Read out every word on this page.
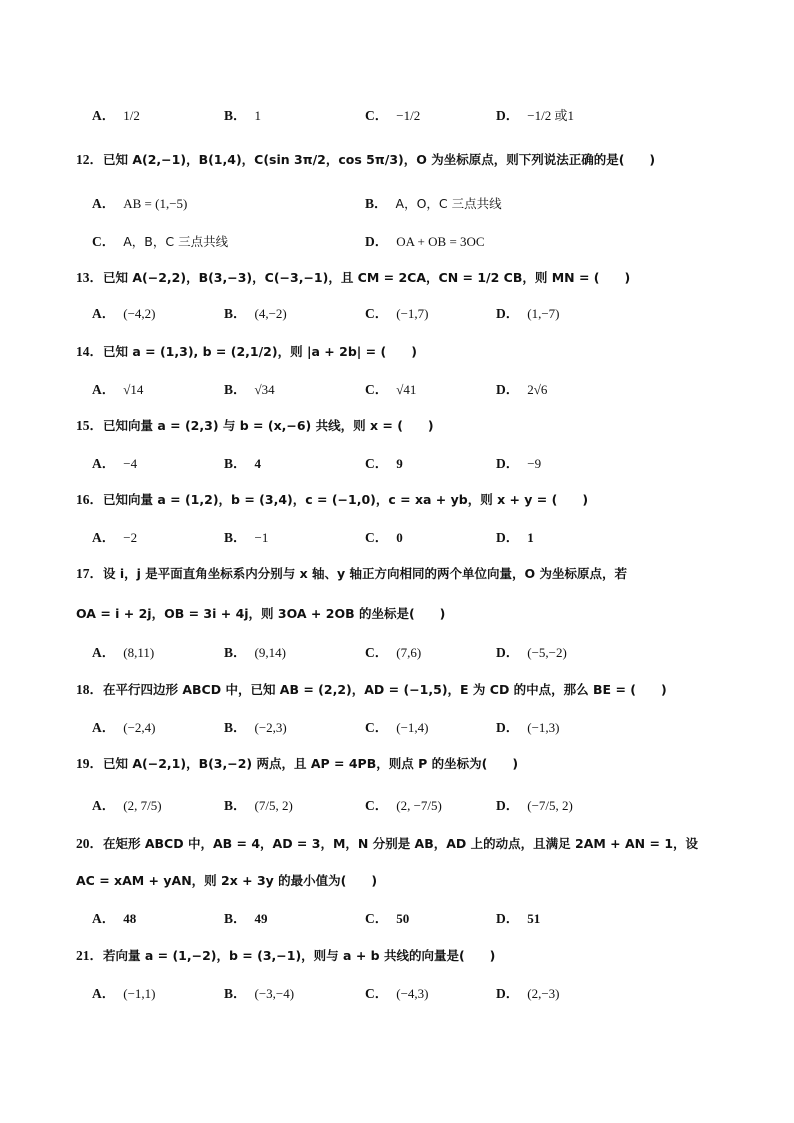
A． 1/2	B． 1	C． −1/2	D． −1/2 或1
12．已知 A(2,−1)，B(1,4)，C(sin 3π/2，cos 5π/3)，O 为坐标原点，则下列说法正确的是(　　)
A． AB = (1,−5)	B． A，O，C 三点共线
C． A，B，C 三点共线	D． OA + OB = 3OC
13．已知 A(−2,2)，B(3,−3)，C(−3,−1)，且 CM = 2CA，CN = 1/2 CB，则 MN = (　　)
A． (−4,2)	B． (4,−2)	C． (−1,7)	D． (1,−7)
14．已知 a = (1,3), b = (2,1/2)，则 |a + 2b| = (　　)
A． √14	B． √34	C． √41	D． 2√6
15．已知向量 a = (2,3) 与 b = (x,−6) 共线，则 x = (　　)
A． −4	B． 4	C． 9	D． −9
16．已知向量 a = (1,2)，b = (3,4)，c = (−1,0)，c = xa + yb，则 x + y = (　　)
A． −2	B． −1	C． 0	D． 1
17．设 i，j 是平面直角坐标系内分别与 x 轴、y 轴正方向相同的两个单位向量，O 为坐标原点，若
OA = i + 2j，OB = 3i + 4j，则 3OA + 2OB 的坐标是(　　)
A． (8,11)	B． (9,14)	C． (7,6)	D． (−5,−2)
18．在平行四边形 ABCD 中，已知 AB = (2,2)，AD = (−1,5)，E 为 CD 的中点，那么 BE = (　　)
A． (−2,4)	B． (−2,3)	C． (−1,4)	D． (−1,3)
19．已知 A(−2,1)，B(3,−2) 两点，且 AP = 4PB，则点 P 的坐标为(　　)
A． (2, 7/5)	B． (7/5, 2)	C． (2, −7/5)	D． (−7/5, 2)
20．在矩形 ABCD 中，AB = 4，AD = 3，M，N 分别是 AB，AD 上的动点，且满足 2AM + AN = 1，设
AC = xAM + yAN，则 2x + 3y 的最小值为(　　)
A． 48	B． 49	C． 50	D． 51
21．若向量 a = (1,−2)，b = (3,−1)，则与 a + b 共线的向量是(　　)
A． (−1,1)	B． (−3,−4)	C． (−4,3)	D． (2,−3)
